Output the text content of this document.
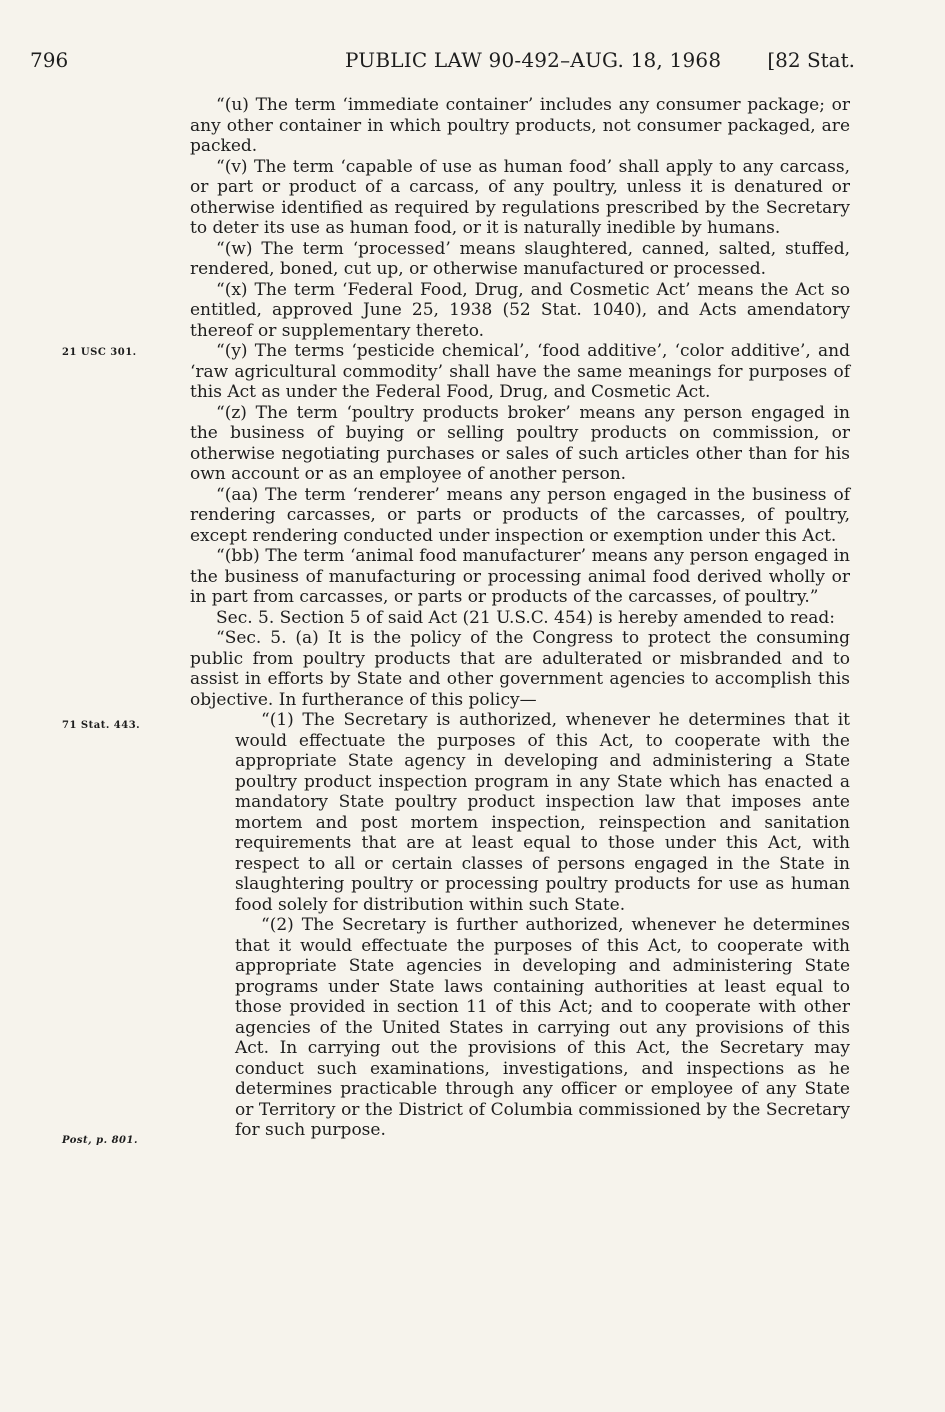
796	PUBLIC LAW 90-492–AUG. 18, 1968 [82 Stat.
21 USC 301.
71 Stat. 443.
Post, p. 801.

“(u) The term ‘immediate container’ includes any consumer package; or any other container in which poultry products, not consumer packaged, are packed.

“(v) The term ‘capable of use as human food’ shall apply to any carcass, or part or product of a carcass, of any poultry, unless it is denatured or otherwise identified as required by regulations prescribed by the Secretary to deter its use as human food, or it is naturally inedible by humans.

“(w) The term ‘processed’ means slaughtered, canned, salted, stuffed, rendered, boned, cut up, or otherwise manufactured or processed.

“(x) The term ‘Federal Food, Drug, and Cosmetic Act’ means the Act so entitled, approved June 25, 1938 (52 Stat. 1040), and Acts amendatory thereof or supplementary thereto.

“(y) The terms ‘pesticide chemical’, ‘food additive’, ‘color additive’, and ‘raw agricultural commodity’ shall have the same meanings for purposes of this Act as under the Federal Food, Drug, and Cosmetic Act.

“(z) The term ‘poultry products broker’ means any person engaged in the business of buying or selling poultry products on commission, or otherwise negotiating purchases or sales of such articles other than for his own account or as an employee of another person.

“(aa) The term ‘renderer’ means any person engaged in the business of rendering carcasses, or parts or products of the carcasses, of poultry, except rendering conducted under inspection or exemption under this Act.

“(bb) The term ‘animal food manufacturer’ means any person engaged in the business of manufacturing or processing animal food derived wholly or in part from carcasses, or parts or products of the carcasses, of poultry.”

Sec. 5. Section 5 of said Act (21 U.S.C. 454) is hereby amended to read:

“Sec. 5. (a) It is the policy of the Congress to protect the consuming public from poultry products that are adulterated or misbranded and to assist in efforts by State and other government agencies to accomplish this objective. In furtherance of this policy—

“(1) The Secretary is authorized, whenever he determines that it would effectuate the purposes of this Act, to cooperate with the appropriate State agency in developing and administering a State poultry product inspection program in any State which has enacted a mandatory State poultry product inspection law that imposes ante mortem and post mortem inspection, reinspection and sanitation requirements that are at least equal to those under this Act, with respect to all or certain classes of persons engaged in the State in slaughtering poultry or processing poultry products for use as human food solely for distribution within such State.

“(2) The Secretary is further authorized, whenever he determines that it would effectuate the purposes of this Act, to cooperate with appropriate State agencies in developing and administering State programs under State laws containing authorities at least equal to those provided in section 11 of this Act; and to cooperate with other agencies of the United States in carrying out any provisions of this Act. In carrying out the provisions of this Act, the Secretary may conduct such examinations, investigations, and inspections as he determines practicable through any officer or employee of any State or Territory or the District of Columbia commissioned by the Secretary for such purpose.
